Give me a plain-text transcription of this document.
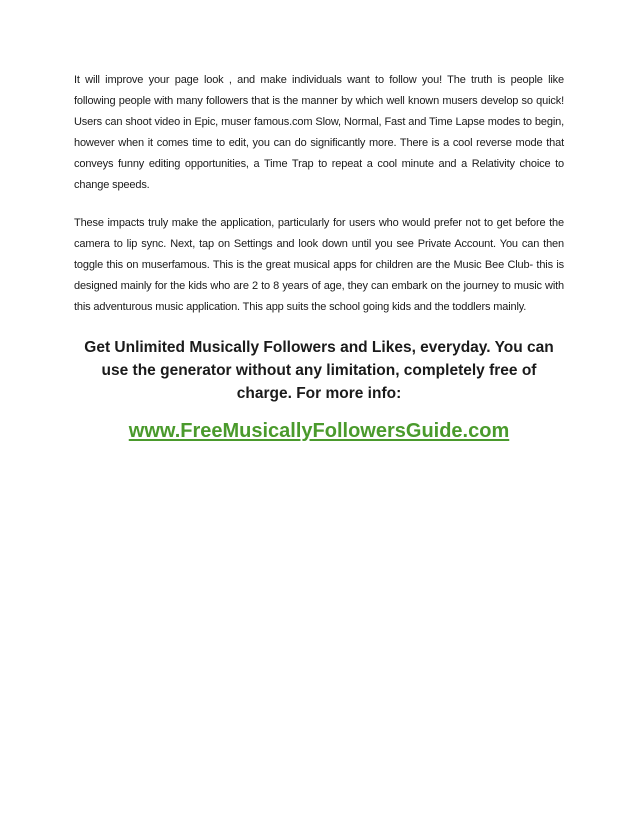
It will improve your page look , and make individuals want to follow you! The truth is people like following people with many followers that is the manner by which well known musers develop so quick! Users can shoot video in Epic, muser famous.com Slow, Normal, Fast and Time Lapse modes to begin, however when it comes time to edit, you can do significantly more. There is a cool reverse mode that conveys funny editing opportunities, a Time Trap to repeat a cool minute and a Relativity choice to change speeds.

These impacts truly make the application, particularly for users who would prefer not to get before the camera to lip sync. Next, tap on Settings and look down until you see Private Account. You can then toggle this on muserfamous. This is the great musical apps for children are the Music Bee Club- this is designed mainly for the kids who are 2 to 8 years of age, they can embark on the journey to music with this adventurous music application. This app suits the school going kids and the toddlers mainly.

Get Unlimited Musically Followers and Likes, everyday. You can use the generator without any limitation, completely free of charge. For more info:

www.FreeMusicallyFollowersGuide.com
